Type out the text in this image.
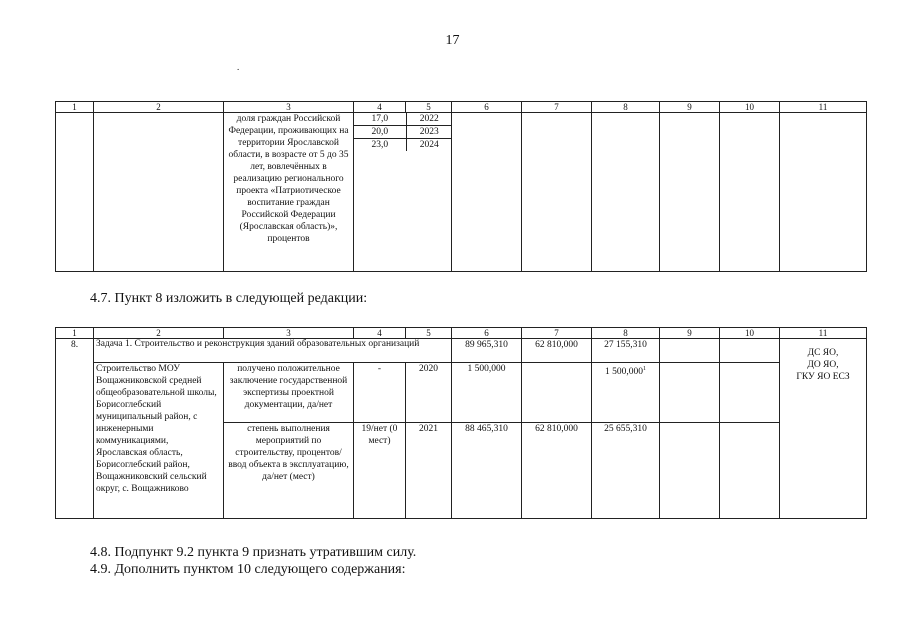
17
.
1	2	3	4	5	6	7	8	9	10	11
		доля граждан Российской Федерации, проживающих на территории Ярославской области, в возрасте от 5 до 35 лет, вовлечённых в реализацию регионального проекта «Патриотическое воспитание граждан Российской Федерации (Ярославская область)», процентов	
17,0	2022
20,0	2023
23,0	2024

4.7. Пункт 8 изложить в следующей редакции:
1	2	3	4	5	6	7	8	9	10	11
8.	Задача 1. Строительство и реконструкция зданий образовательных организаций				89 965,310	62 810,000	27 155,310			ДС ЯО,
ДО ЯО,
ГКУ ЯО ЕСЗ

	Строительство МОУ Вощажниковской средней общеобразовательной школы, Борисоглебский муниципальный район, с инженерными коммуникациями, Ярославская область, Борисоглебский район, Вощажниковский сельский округ, с. Вощажниково	получено положительное заключение государственной экспертизы проектной документации, да/нет	-	2020	1 500,000		1 500,000$^1$		
		степень выполнения мероприятий по строительству, процентов/ ввод объекта в эксплуатацию, да/нет (мест)	19/нет (0 мест)	2021	88 465,310	62 810,000	25 655,310			
4.8. Подпункт 9.2 пункта 9 признать утратившим силу.
4.9. Дополнить пунктом 10 следующего содержания:
